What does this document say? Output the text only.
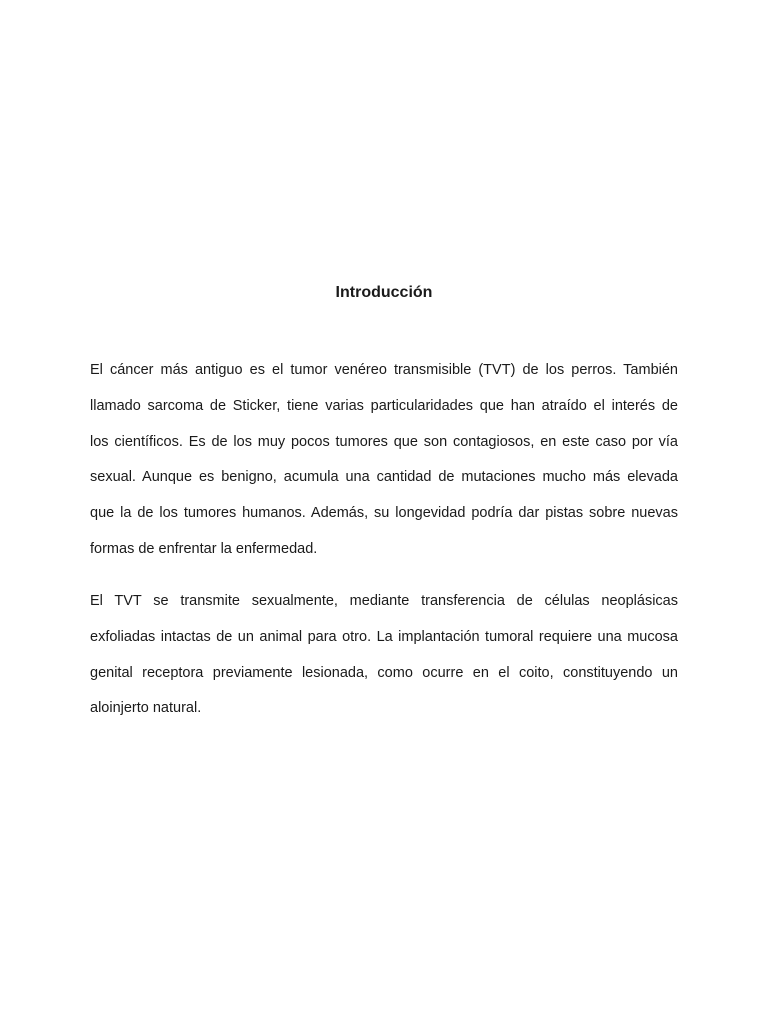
Introducción

El cáncer más antiguo es el tumor venéreo transmisible (TVT) de los perros. También
llamado sarcoma de Sticker, tiene varias particularidades que han atraído el interés de
los científicos. Es de los muy pocos tumores que son contagiosos, en este caso por vía
sexual. Aunque es benigno, acumula una cantidad de mutaciones mucho más elevada
que la de los tumores humanos. Además, su longevidad podría dar pistas sobre nuevas
formas de enfrentar la enfermedad.

El TVT se transmite sexualmente, mediante transferencia de células neoplásicas
exfoliadas intactas de un animal para otro. La implantación tumoral requiere una mucosa
genital receptora previamente lesionada, como ocurre en el coito, constituyendo un
aloinjerto natural.
